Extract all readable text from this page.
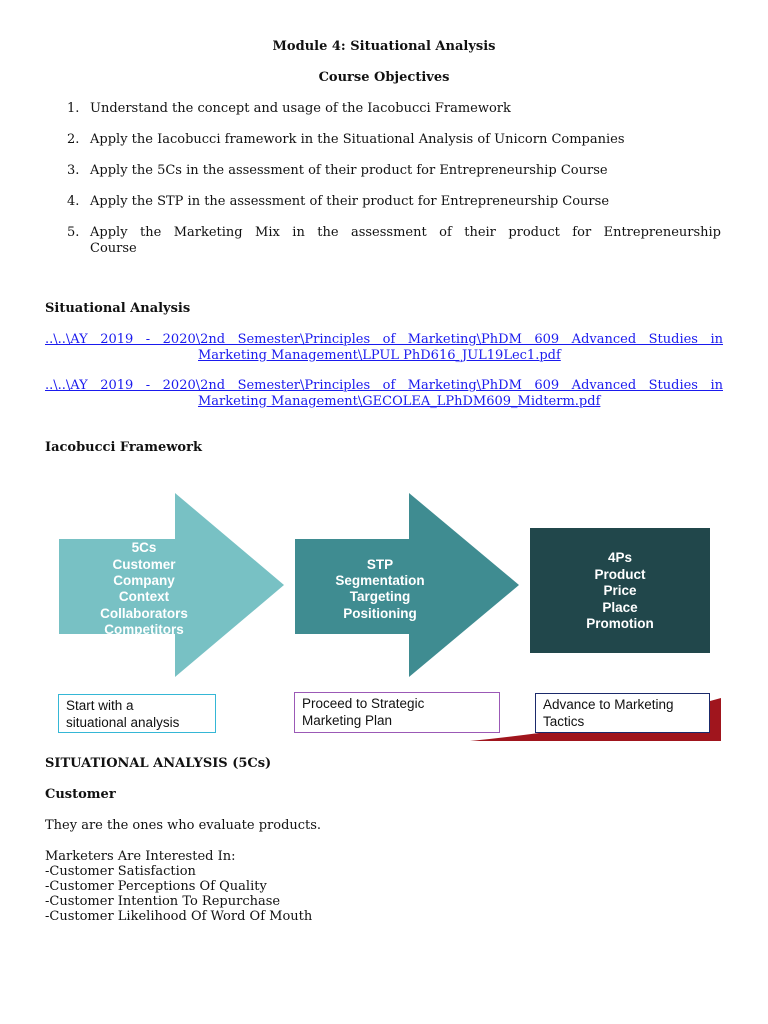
Module 4: Situational Analysis
Course Objectives
1. Understand the concept and usage of the Iacobucci Framework
2. Apply the Iacobucci framework in the Situational Analysis of Unicorn Companies
3. Apply the 5Cs in the assessment of their product for Entrepreneurship Course
4. Apply the STP in the assessment of their product for Entrepreneurship Course
5. Apply the Marketing Mix in the assessment of their product for Entrepreneurship
Course
Situational Analysis
..\..\AY 2019 - 2020\2nd Semester\Principles of Marketing\PhDM 609 Advanced Studies in
Marketing Management\LPUL PhD616_JUL19Lec1.pdf
..\..\AY 2019 - 2020\2nd Semester\Principles of Marketing\PhDM 609 Advanced Studies in
Marketing Management\GECOLEA_LPhDM609_Midterm.pdf
Iacobucci Framework
5Cs
Customer
Company
Context
Collaborators
Competitors
STP
Segmentation
Targeting
Positioning
4Ps
Product
Price
Place
Promotion
Start with a
situational analysis
Proceed to Strategic
Marketing Plan
Advance to Marketing
Tactics
SITUATIONAL ANALYSIS (5Cs)
Customer
They are the ones who evaluate products.
Marketers Are Interested In:
-Customer Satisfaction
-Customer Perceptions Of Quality
-Customer Intention To Repurchase
-Customer Likelihood Of Word Of Mouth
